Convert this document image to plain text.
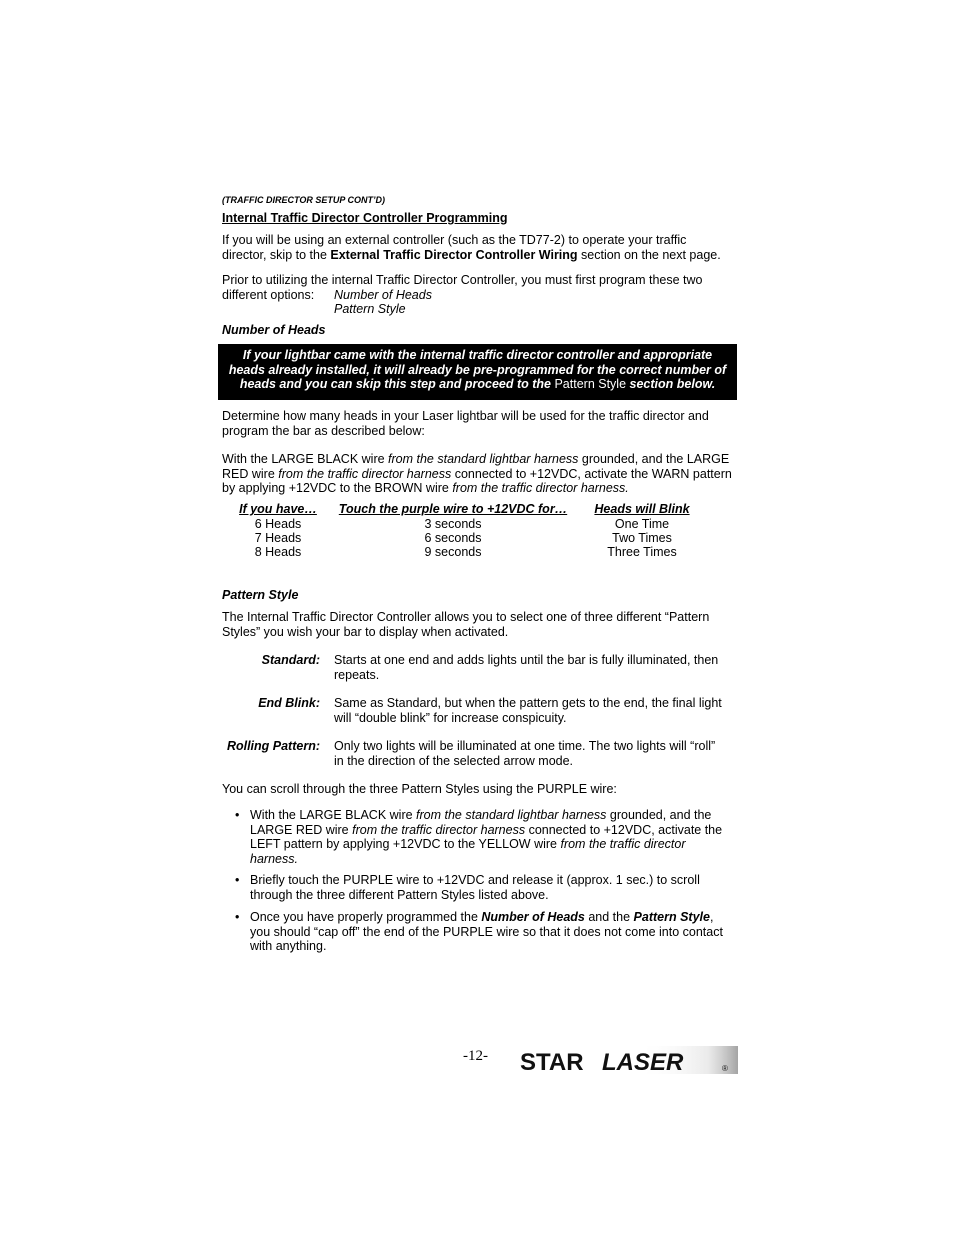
(TRAFFIC DIRECTOR SETUP CONT’D)
Internal Traffic Director Controller Programming

If you will be using an external controller (such as the TD77-2) to operate your traffic director, skip to the External Traffic Director Controller Wiring section on the next page.

Prior to utilizing the internal Traffic Director Controller, you must first program these two
different options: Number of Heads
Pattern Style
Number of Heads
If your lightbar came with the internal traffic director controller and appropriate heads already installed, it will already be pre-programmed for the correct number of heads and you can skip this step and proceed to the Pattern Style section below.

Determine how many heads in your Laser lightbar will be used for the traffic director and program the bar as described below:

With the LARGE BLACK wire from the standard lightbar harness grounded, and the LARGE RED wire from the traffic director harness connected to +12VDC, activate the WARN pattern by applying +12VDC to the BROWN wire from the traffic director harness.

If you have…	Touch the purple wire to +12VDC for…	Heads will Blink
6 Heads	3 seconds	One Time
7 Heads	6 seconds	Two Times
8 Heads	9 seconds	Three Times
Pattern Style

The Internal Traffic Director Controller allows you to select one of three different “Pattern Styles” you wish your bar to display when activated.

Standard: Starts at one end and adds lights until the bar is fully illuminated, then repeats.
End Blink: Same as Standard, but when the pattern gets to the end, the final light will “double blink” for increase conspicuity.
Rolling Pattern: Only two lights will be illuminated at one time. The two lights will “roll” in the direction of the selected arrow mode.

You can scroll through the three Pattern Styles using the PURPLE wire:

• With the LARGE BLACK wire from the standard lightbar harness grounded, and the LARGE RED wire from the traffic director harness connected to +12VDC, activate the LEFT pattern by applying +12VDC to the YELLOW wire from the traffic director harness.
• Briefly touch the PURPLE wire to +12VDC and release it (approx. 1 sec.) to scroll through the three different Pattern Styles listed above.
• Once you have properly programmed the Number of Heads and the Pattern Style, you should “cap off” the end of the PURPLE wire so that it does not come into contact with anything.
-12- STAR LASER	®
